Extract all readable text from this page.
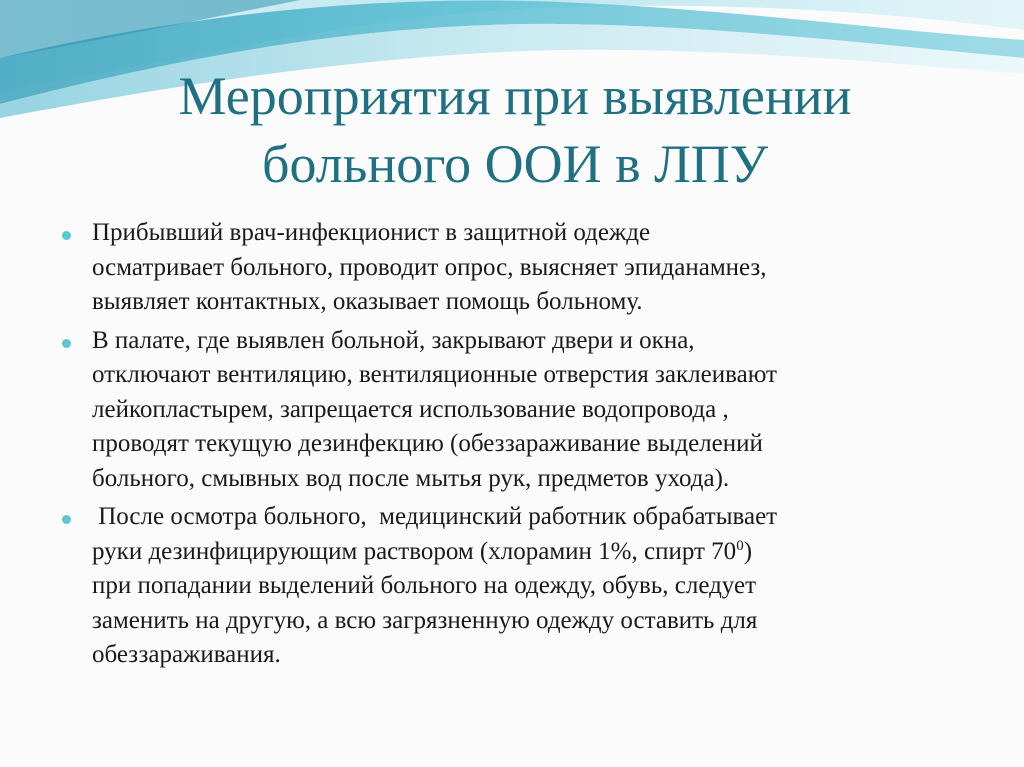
Мероприятия при выявлении
больного ООИ в ЛПУ
Прибывший врач-инфекционист в защитной одежде
осматривает больного, проводит опрос, выясняет эпиданамнез,
выявляет контактных, оказывает помощь больному.
В палате, где выявлен больной, закрывают двери и окна,
отключают вентиляцию, вентиляционные отверстия заклеивают
лейкопластырем, запрещается использование водопровода ,
проводят текущую дезинфекцию (обеззараживание выделений
больного, смывных вод после мытья рук, предметов ухода).
После осмотра больного,  медицинский работник обрабатывает
руки дезинфицирующим раствором (хлорамин 1%, спирт $70^0$)
при попадании выделений больного на одежду, обувь, следует
заменить на другую, а всю загрязненную одежду оставить для
обеззараживания.
